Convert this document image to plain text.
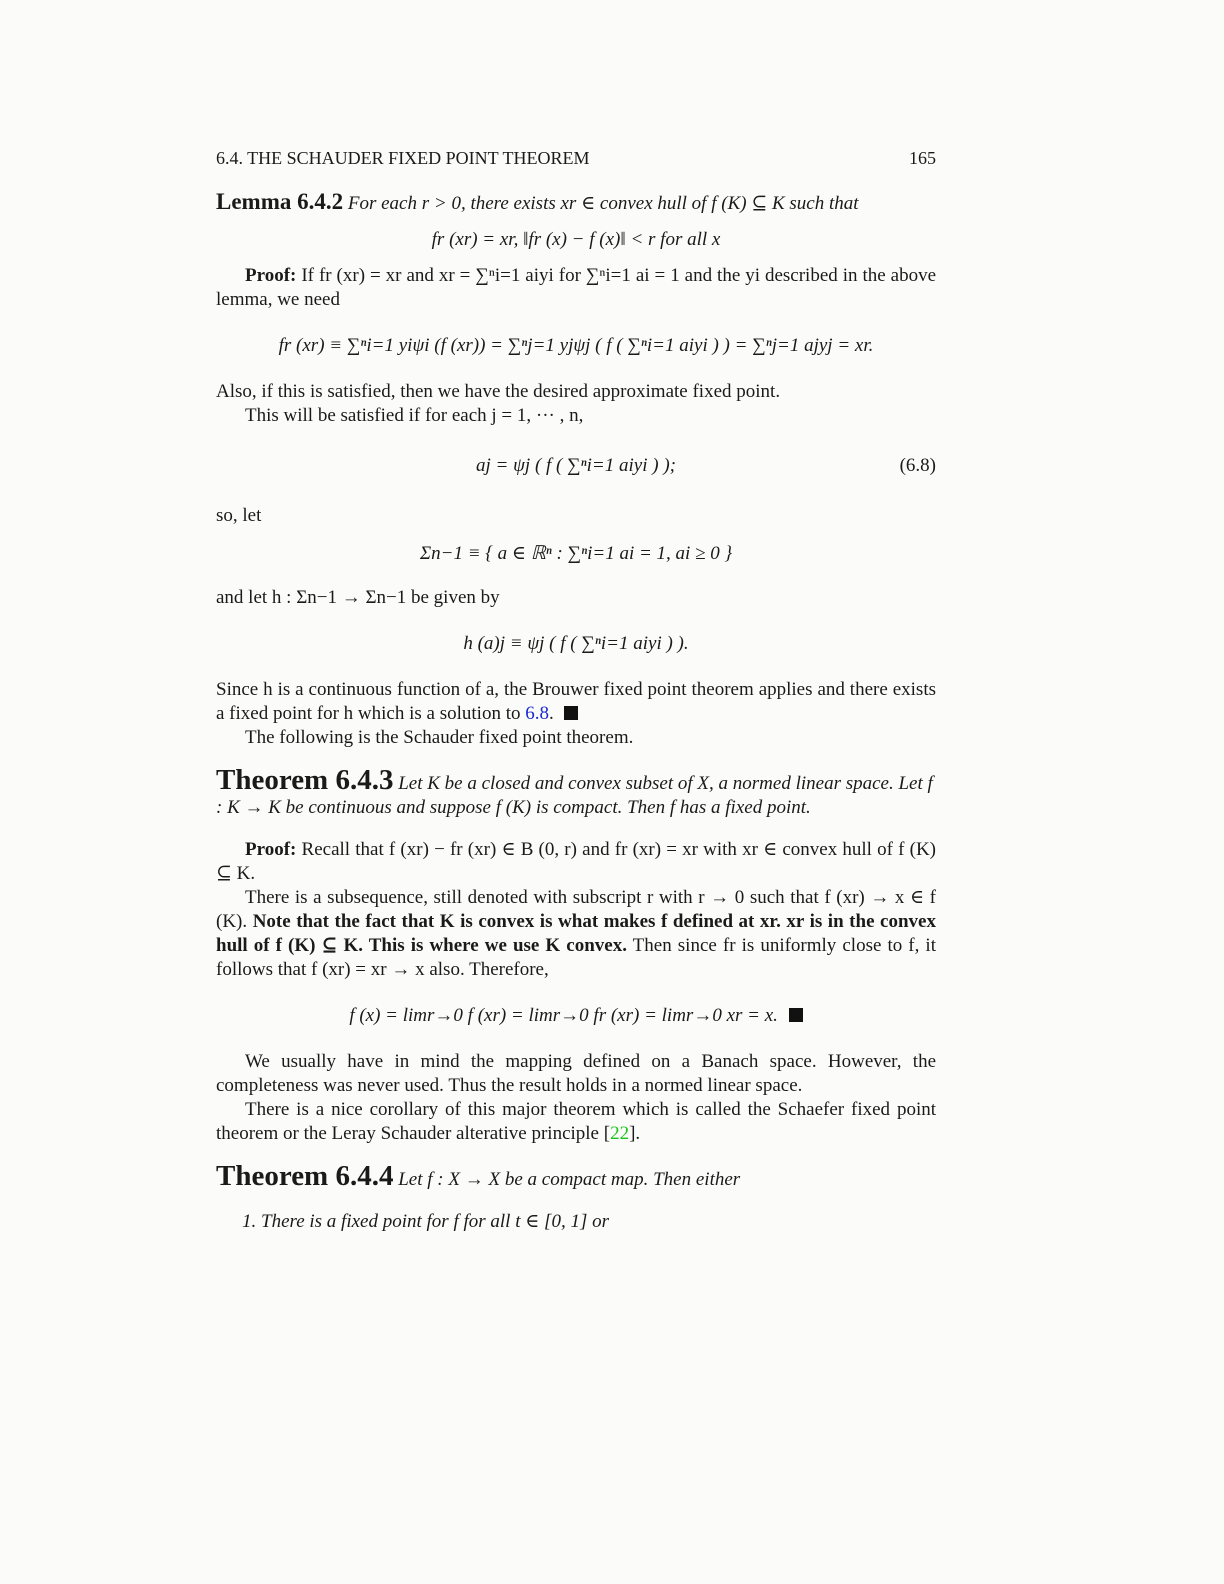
6.4. THE SCHAUDER FIXED POINT THEOREM	165
Lemma 6.4.2 For each r > 0, there exists xr ∈ convex hull of f (K) ⊆ K such that
fr (xr) = xr, ‖fr (x) − f (x)‖ < r for all x
Proof: If fr (xr) = xr and xr = ∑ⁿi=1 aiyi for ∑ⁿi=1 ai = 1 and the yi described in the above lemma, we need
fr (xr) ≡ ∑ⁿi=1 yiψi (f (xr)) = ∑ⁿj=1 yjψj ( f ( ∑ⁿi=1 aiyi ) ) = ∑ⁿj=1 ajyj = xr.
Also, if this is satisfied, then we have the desired approximate fixed point.
This will be satisfied if for each j = 1, ··· , n,
aj = ψj ( f ( ∑ⁿi=1 aiyi ) );	(6.8)
so, let
Σn−1 ≡ { a ∈ ℝⁿ : ∑ⁿi=1 ai = 1, ai ≥ 0 }
and let h : Σn−1 → Σn−1 be given by
h (a)j ≡ ψj ( f ( ∑ⁿi=1 aiyi ) ).
Since h is a continuous function of a, the Brouwer fixed point theorem applies and there exists a fixed point for h which is a solution to 6.8.
The following is the Schauder fixed point theorem.
Theorem 6.4.3 Let K be a closed and convex subset of X, a normed linear space. Let f : K → K be continuous and suppose f (K) is compact. Then f has a fixed point.
Proof: Recall that f (xr) − fr (xr) ∈ B (0, r) and fr (xr) = xr with xr ∈ convex hull of f (K) ⊆ K.
There is a subsequence, still denoted with subscript r with r → 0 such that f (xr) → x ∈ f (K). Note that the fact that K is convex is what makes f defined at xr. xr is in the convex hull of f (K) ⊆ K. This is where we use K convex. Then since fr is uniformly close to f, it follows that f (xr) = xr → x also. Therefore,
f (x) = limr→0 f (xr) = limr→0 fr (xr) = limr→0 xr = x.
We usually have in mind the mapping defined on a Banach space. However, the completeness was never used. Thus the result holds in a normed linear space.
There is a nice corollary of this major theorem which is called the Schaefer fixed point theorem or the Leray Schauder alterative principle [22].
Theorem 6.4.4 Let f : X → X be a compact map. Then either
1. There is a fixed point for f for all t ∈ [0, 1] or
